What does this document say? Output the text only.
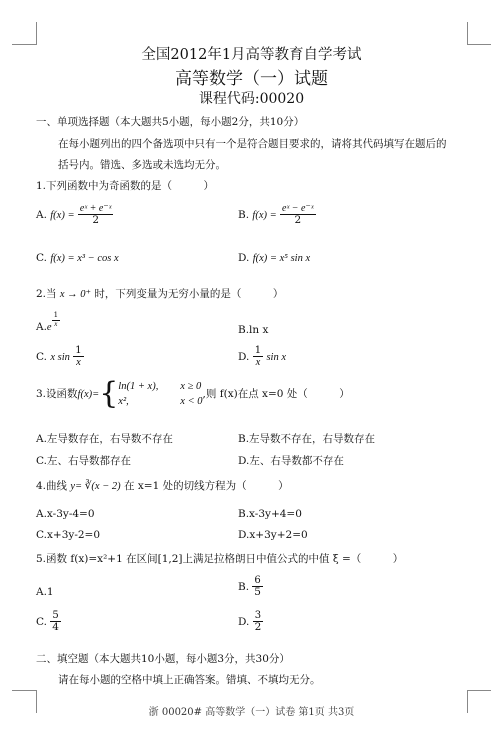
全国2012年1月高等教育自学考试
高等数学（一）试题
课程代码:00020
一、单项选择题（本大题共5小题，每小题2分，共10分）
在每小题列出的四个备选项中只有一个是符合题目要求的，请将其代码填写在题后的
括号内。错选、多选或未选均无分。
1.下列函数中为奇函数的是（　　　）
A. $f(x) = \frac{\text{eˣ + e⁻ˣ}}{2}$	B. $f(x) = \frac{\text{eˣ − e⁻ˣ}}{2}$
C. f(x) = x³ − cos x	D. f(x) = x⁵ sin x
2.当 x → 0⁺ 时，下列变量为无穷小量的是（　　　）
$A.e \frac{1}{x}$
B.ln x
C. x $\sin \frac{1}{x}$	D. $\frac{1}{x}$ sin x
3.设函数f(x)={ ln(1 + x), x ≥ 0
x²,	x < 0
,则 f(x)在点 x=0 处（　　　）
A.左导数存在，右导数不存在	B.左导数不存在，右导数存在
C.左、右导数都存在	D.左、右导数都不存在
4.曲线 y= ∛(x − 2) 在 x=1 处的切线方程为（　　　）
A.x-3y-4=0	B.x-3y+4=0
C.x+3y-2=0	D.x+3y+2=0
5.函数 f(x)=x²+1 在区间[1,2]上满足拉格朗日中值公式的中值 ξ =（　　　）
A.1	B. $\frac{6}{5}$
C. $\frac{5}{4}$	D. $\frac{3}{2}$
二、填空题（本大题共10小题，每小题3分，共30分）
请在每小题的空格中填上正确答案。错填、不填均无分。
浙 00020# 高等数学（一）试卷 第1页 共3页
